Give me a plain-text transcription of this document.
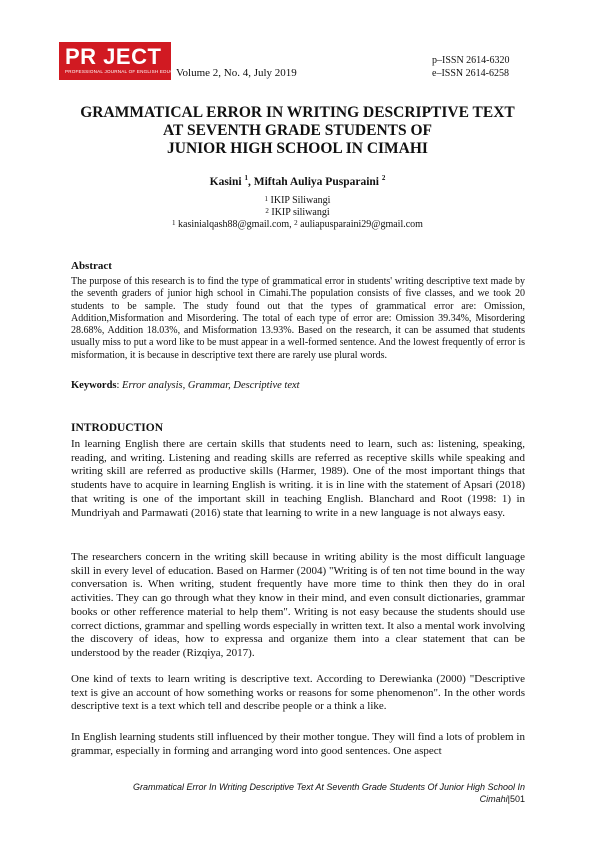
PR JECT
PROFESSIONAL JOURNAL OF ENGLISH EDUCATION
Volume 2, No. 4, July 2019
p–ISSN 2614-6320
e–ISSN 2614-6258
GRAMMATICAL ERROR IN WRITING DESCRIPTIVE TEXT
AT SEVENTH GRADE STUDENTS OF
JUNIOR HIGH SCHOOL IN CIMAHI
Kasini $^1$, Miftah Auliya Pusparaini $^2$
$^1$ IKIP Siliwangi
$^2$ IKIP siliwangi
$^1$ kasinialqash88@gmail.com, $^2$ auliapusparaini29@gmail.com
Abstract
The purpose of this research is to find the type of grammatical error in students' writing descriptive text made by the seventh graders of junior high school in Cimahi.The population consists of five classes, and we took 20 students to be sample. The study found out that the types of grammatical error are: Omission, Addition,Misformation and Misordering. The total of each type of error are: Omission 39.34%, Misordering 28.68%, Addition 18.03%, and Misformation 13.93%. Based on the research, it can be assumed that students usually miss to put a word like to be must appear in a well-formed sentence. And the lowest frequently of error is misformation, it is because in descriptive text there are rarely use plural words.
Keywords: Error analysis, Grammar, Descriptive text
INTRODUCTION
In learning English there are certain skills that students need to learn, such as: listening, speaking, reading, and writing. Listening and reading skills are referred as receptive skills while speaking and writing skill are referred as productive skills (Harmer, 1989). One of the most important things that students have to acquire in learning English is writing. it is in line with the statement of Apsari (2018) that writing is one of the important skill in teaching English. Blanchard and Root (1998: 1) in Mundriyah and Parmawati (2016) state that learning to write in a new language is not always easy.
The researchers concern in the writing skill because in writing ability is the most difficult language skill in every level of education. Based on Harmer (2004) "Writing is of ten not time bound in the way conversation is. When writing, student frequently have more time to think then they do in oral activities. They can go through what they know in their mind, and even consult dictionaries, grammar books or other refference material to help them". Writing is not easy because the students should use correct dictions, grammar and spelling words especially in written text. It also a mental work involving the discovery of ideas, how to expressa and organize them into a clear statement that can be understood by the reader (Rizqiya, 2017).
One kind of texts to learn writing is descriptive text. According to Derewianka (2000) "Descriptive text is give an account of how something works or reasons for some phenomenon". In the other words descriptive text is a text which tell and describe people or a think a like.
In English learning students still influenced by their mother tongue. They will find a lots of problem in grammar, especially in forming and arranging word into good sentences. One aspect
Grammatical Error In Writing Descriptive Text At Seventh Grade Students Of Junior High School In
Cimahi|501
